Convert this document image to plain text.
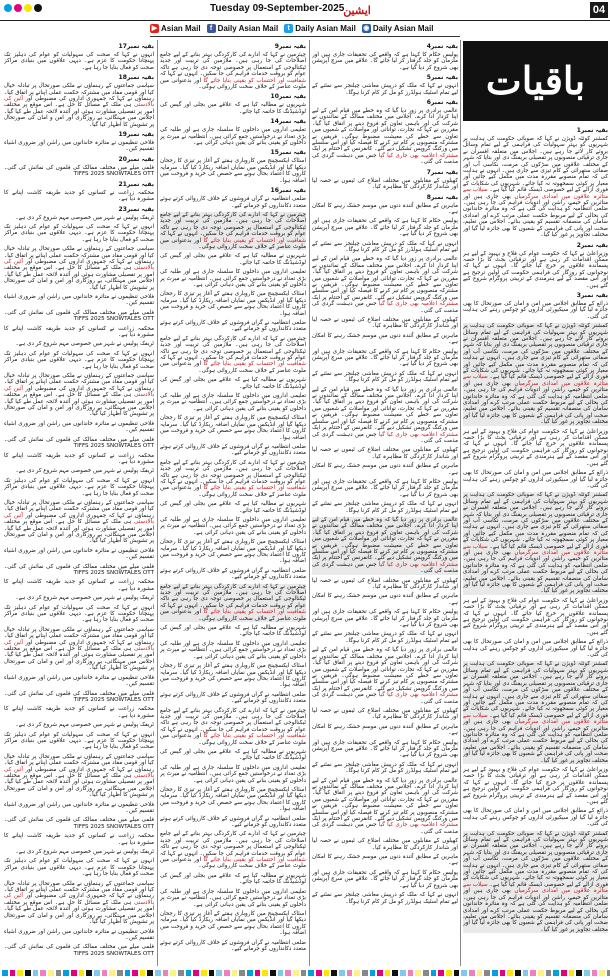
Tuesday 09-September-2025
ایشین	04
◉ Daily Asian Mail
t Daily Asian Mail
f Daily Asian Mail
▶ Asian Mail
باقیات
بقیہ نمبر1

کمشنر کوئٹہ ڈویژن نے کہا کہ صوبائی حکومت کی ہدایت پر شہریوں کو بہتر سہولیات کی فراہمی کے لیے تمام وسائل بروئے کار لائے جا رہے ہیں۔ اجلاس میں متعلقہ افسران نے جاری ترقیاتی منصوبوں پر تفصیلی بریفنگ دی اور بتایا کہ شہر کے مختلف علاقوں میں سڑکوں کی مرمت، نکاسی آب اور صفائی ستھرائی کے کام تیزی سے جاری ہیں۔ انہوں نے ہدایت کی کہ تمام منصوبے مقررہ مدت میں مکمل کیے جائیں اور معیار پر کوئی سمجھوتہ نہ کیا جائے۔ شہریوں کی شکایات کے فوری ازالے کے لیے خصوصی ڈیسک قائم کیا گیا ہے۔ سیلاب سے متاثرہ علاقوں میں امدادی سرگرمیاں بھی جاری ہیں اور متاثرین کو خیمے، راشن اور ادویات فراہم کی جا رہی ہیں۔ ضلعی انتظامیہ کو ہدایت کی گئی ہے کہ وہ متاثرہ خاندانوں کی بحالی کے لیے مربوط حکمت عملی مرتب کرے اور امدادی سامان کی منصفانہ تقسیم کو یقینی بنائے۔ اجلاس میں تعلیم، صحت اور پانی کی فراہمی کے شعبوں کا بھی جائزہ لیا گیا اور مختلف تجاویز پر غور کیا گیا۔

بقیہ نمبر2

وزیراعلیٰ نے کہا کہ حکومت عوام کی فلاح و بہبود کے لیے ہر ممکن اقدامات کر رہی ہے اور ترقیاتی بجٹ کا بڑا حصہ پسماندہ علاقوں پر خرچ کیا جائے گا۔ انہوں نے کہا کہ نوجوانوں کو روزگار کی فراہمی حکومت کی اولین ترجیح ہے اور اس مقصد کے لیے ہنرمندی کے تربیتی پروگرام شروع کیے گئے ہیں۔

بقیہ نمبر3

ذرائع کے مطابق اجلاس میں امن و امان کی صورتحال کا بھی جائزہ لیا گیا اور سیکیورٹی اداروں کو چوکس رہنے کی ہدایت کی گئی۔

کمشنر کوئٹہ ڈویژن نے کہا کہ صوبائی حکومت کی ہدایت پر شہریوں کو بہتر سہولیات کی فراہمی کے لیے تمام وسائل بروئے کار لائے جا رہے ہیں۔ اجلاس میں متعلقہ افسران نے جاری ترقیاتی منصوبوں پر تفصیلی بریفنگ دی اور بتایا کہ شہر کے مختلف علاقوں میں سڑکوں کی مرمت، نکاسی آب اور صفائی ستھرائی کے کام تیزی سے جاری ہیں۔ انہوں نے ہدایت کی کہ تمام منصوبے مقررہ مدت میں مکمل کیے جائیں اور معیار پر کوئی سمجھوتہ نہ کیا جائے۔ شہریوں کی شکایات کے فوری ازالے کے لیے خصوصی ڈیسک قائم کیا گیا ہے۔ سیلاب سے متاثرہ علاقوں میں امدادی سرگرمیاں بھی جاری ہیں اور متاثرین کو خیمے، راشن اور ادویات فراہم کی جا رہی ہیں۔ ضلعی انتظامیہ کو ہدایت کی گئی ہے کہ وہ متاثرہ خاندانوں کی بحالی کے لیے مربوط حکمت عملی مرتب کرے اور امدادی سامان کی منصفانہ تقسیم کو یقینی بنائے۔ اجلاس میں تعلیم، صحت اور پانی کی فراہمی کے شعبوں کا بھی جائزہ لیا گیا اور مختلف تجاویز پر غور کیا گیا۔

وزیراعلیٰ نے کہا کہ حکومت عوام کی فلاح و بہبود کے لیے ہر ممکن اقدامات کر رہی ہے اور ترقیاتی بجٹ کا بڑا حصہ پسماندہ علاقوں پر خرچ کیا جائے گا۔ انہوں نے کہا کہ نوجوانوں کو روزگار کی فراہمی حکومت کی اولین ترجیح ہے اور اس مقصد کے لیے ہنرمندی کے تربیتی پروگرام شروع کیے گئے ہیں۔

ذرائع کے مطابق اجلاس میں امن و امان کی صورتحال کا بھی جائزہ لیا گیا اور سیکیورٹی اداروں کو چوکس رہنے کی ہدایت کی گئی۔

کمشنر کوئٹہ ڈویژن نے کہا کہ صوبائی حکومت کی ہدایت پر شہریوں کو بہتر سہولیات کی فراہمی کے لیے تمام وسائل بروئے کار لائے جا رہے ہیں۔ اجلاس میں متعلقہ افسران نے جاری ترقیاتی منصوبوں پر تفصیلی بریفنگ دی اور بتایا کہ شہر کے مختلف علاقوں میں سڑکوں کی مرمت، نکاسی آب اور صفائی ستھرائی کے کام تیزی سے جاری ہیں۔ انہوں نے ہدایت کی کہ تمام منصوبے مقررہ مدت میں مکمل کیے جائیں اور معیار پر کوئی سمجھوتہ نہ کیا جائے۔ شہریوں کی شکایات کے فوری ازالے کے لیے خصوصی ڈیسک قائم کیا گیا ہے۔ سیلاب سے متاثرہ علاقوں میں امدادی سرگرمیاں بھی جاری ہیں اور متاثرین کو خیمے، راشن اور ادویات فراہم کی جا رہی ہیں۔ ضلعی انتظامیہ کو ہدایت کی گئی ہے کہ وہ متاثرہ خاندانوں کی بحالی کے لیے مربوط حکمت عملی مرتب کرے اور امدادی سامان کی منصفانہ تقسیم کو یقینی بنائے۔ اجلاس میں تعلیم، صحت اور پانی کی فراہمی کے شعبوں کا بھی جائزہ لیا گیا اور مختلف تجاویز پر غور کیا گیا۔

وزیراعلیٰ نے کہا کہ حکومت عوام کی فلاح و بہبود کے لیے ہر ممکن اقدامات کر رہی ہے اور ترقیاتی بجٹ کا بڑا حصہ پسماندہ علاقوں پر خرچ کیا جائے گا۔ انہوں نے کہا کہ نوجوانوں کو روزگار کی فراہمی حکومت کی اولین ترجیح ہے اور اس مقصد کے لیے ہنرمندی کے تربیتی پروگرام شروع کیے گئے ہیں۔

ذرائع کے مطابق اجلاس میں امن و امان کی صورتحال کا بھی جائزہ لیا گیا اور سیکیورٹی اداروں کو چوکس رہنے کی ہدایت کی گئی۔

کمشنر کوئٹہ ڈویژن نے کہا کہ صوبائی حکومت کی ہدایت پر شہریوں کو بہتر سہولیات کی فراہمی کے لیے تمام وسائل بروئے کار لائے جا رہے ہیں۔ اجلاس میں متعلقہ افسران نے جاری ترقیاتی منصوبوں پر تفصیلی بریفنگ دی اور بتایا کہ شہر کے مختلف علاقوں میں سڑکوں کی مرمت، نکاسی آب اور صفائی ستھرائی کے کام تیزی سے جاری ہیں۔ انہوں نے ہدایت کی کہ تمام منصوبے مقررہ مدت میں مکمل کیے جائیں اور معیار پر کوئی سمجھوتہ نہ کیا جائے۔ شہریوں کی شکایات کے فوری ازالے کے لیے خصوصی ڈیسک قائم کیا گیا ہے۔ سیلاب سے متاثرہ علاقوں میں امدادی سرگرمیاں بھی جاری ہیں اور متاثرین کو خیمے، راشن اور ادویات فراہم کی جا رہی ہیں۔ ضلعی انتظامیہ کو ہدایت کی گئی ہے کہ وہ متاثرہ خاندانوں کی بحالی کے لیے مربوط حکمت عملی مرتب کرے اور امدادی سامان کی منصفانہ تقسیم کو یقینی بنائے۔ اجلاس میں تعلیم، صحت اور پانی کی فراہمی کے شعبوں کا بھی جائزہ لیا گیا اور مختلف تجاویز پر غور کیا گیا۔

وزیراعلیٰ نے کہا کہ حکومت عوام کی فلاح و بہبود کے لیے ہر ممکن اقدامات کر رہی ہے اور ترقیاتی بجٹ کا بڑا حصہ پسماندہ علاقوں پر خرچ کیا جائے گا۔ انہوں نے کہا کہ نوجوانوں کو روزگار کی فراہمی حکومت کی اولین ترجیح ہے اور اس مقصد کے لیے ہنرمندی کے تربیتی پروگرام شروع کیے گئے ہیں۔

ذرائع کے مطابق اجلاس میں امن و امان کی صورتحال کا بھی جائزہ لیا گیا اور سیکیورٹی اداروں کو چوکس رہنے کی ہدایت کی گئی۔

کمشنر کوئٹہ ڈویژن نے کہا کہ صوبائی حکومت کی ہدایت پر شہریوں کو بہتر سہولیات کی فراہمی کے لیے تمام وسائل بروئے کار لائے جا رہے ہیں۔ اجلاس میں متعلقہ افسران نے جاری ترقیاتی منصوبوں پر تفصیلی بریفنگ دی اور بتایا کہ شہر کے مختلف علاقوں میں سڑکوں کی مرمت، نکاسی آب اور صفائی ستھرائی کے کام تیزی سے جاری ہیں۔ انہوں نے ہدایت کی کہ تمام منصوبے مقررہ مدت میں مکمل کیے جائیں اور معیار پر کوئی سمجھوتہ نہ کیا جائے۔ شہریوں کی شکایات کے فوری ازالے کے لیے خصوصی ڈیسک قائم کیا گیا ہے۔ سیلاب سے متاثرہ علاقوں میں امدادی سرگرمیاں بھی جاری ہیں اور متاثرین کو خیمے، راشن اور ادویات فراہم کی جا رہی ہیں۔ ضلعی انتظامیہ کو ہدایت کی گئی ہے کہ وہ متاثرہ خاندانوں کی بحالی کے لیے مربوط حکمت عملی مرتب کرے اور امدادی سامان کی منصفانہ تقسیم کو یقینی بنائے۔ اجلاس میں تعلیم، صحت اور پانی کی فراہمی کے شعبوں کا بھی جائزہ لیا گیا اور مختلف تجاویز پر غور کیا گیا۔

بقیہ نمبر4

پولیس حکام کا کہنا ہے کہ واقعے کی تحقیقات جاری ہیں اور ملزمان کو جلد گرفتار کر لیا جائے گا۔ علاقے میں سرچ آپریشن بھی شروع کر دیا گیا ہے۔

بقیہ نمبر5

انہوں نے کہا کہ ملک کو درپیش معاشی چیلنجز سے نمٹنے کے لیے تمام اسٹیک ہولڈرز کو مل کر کام کرنا ہوگا۔

بقیہ نمبر6

عالمی برادری پر زور دیا گیا کہ وہ خطے میں قیام امن کے لیے اپنا کردار ادا کرے۔ اجلاس میں مختلف ممالک کے نمائندوں نے شرکت کی اور باہمی تعاون کو فروغ دینے پر اتفاق کیا گیا۔ مقررین نے کہا کہ تجارت، توانائی اور مواصلات کے شعبوں میں تعاون سے خطے کی معیشت مضبوط ہوگی۔ فریقین نے مشترکہ منصوبوں پر کام تیز کرنے کا فیصلہ کیا اور اس سلسلے میں ورکنگ گروپس تشکیل دیے گئے۔ کانفرنس کے اختتام پر ایک مشترکہ اعلامیہ بھی جاری کیا گیا جس میں دہشت گردی کی مذمت کی گئی۔

بقیہ نمبر7

کھیلوں کے مقابلوں میں مختلف اضلاع کی ٹیموں نے حصہ لیا اور شاندار کارکردگی کا مظاہرہ کیا۔

بقیہ نمبر8

ماہرین کے مطابق آئندہ دنوں میں موسم خشک رہنے کا امکان ہے۔

پولیس حکام کا کہنا ہے کہ واقعے کی تحقیقات جاری ہیں اور ملزمان کو جلد گرفتار کر لیا جائے گا۔ علاقے میں سرچ آپریشن بھی شروع کر دیا گیا ہے۔

انہوں نے کہا کہ ملک کو درپیش معاشی چیلنجز سے نمٹنے کے لیے تمام اسٹیک ہولڈرز کو مل کر کام کرنا ہوگا۔

عالمی برادری پر زور دیا گیا کہ وہ خطے میں قیام امن کے لیے اپنا کردار ادا کرے۔ اجلاس میں مختلف ممالک کے نمائندوں نے شرکت کی اور باہمی تعاون کو فروغ دینے پر اتفاق کیا گیا۔ مقررین نے کہا کہ تجارت، توانائی اور مواصلات کے شعبوں میں تعاون سے خطے کی معیشت مضبوط ہوگی۔ فریقین نے مشترکہ منصوبوں پر کام تیز کرنے کا فیصلہ کیا اور اس سلسلے میں ورکنگ گروپس تشکیل دیے گئے۔ کانفرنس کے اختتام پر ایک مشترکہ اعلامیہ بھی جاری کیا گیا جس میں دہشت گردی کی مذمت کی گئی۔

کھیلوں کے مقابلوں میں مختلف اضلاع کی ٹیموں نے حصہ لیا اور شاندار کارکردگی کا مظاہرہ کیا۔

ماہرین کے مطابق آئندہ دنوں میں موسم خشک رہنے کا امکان ہے۔

پولیس حکام کا کہنا ہے کہ واقعے کی تحقیقات جاری ہیں اور ملزمان کو جلد گرفتار کر لیا جائے گا۔ علاقے میں سرچ آپریشن بھی شروع کر دیا گیا ہے۔

انہوں نے کہا کہ ملک کو درپیش معاشی چیلنجز سے نمٹنے کے لیے تمام اسٹیک ہولڈرز کو مل کر کام کرنا ہوگا۔

عالمی برادری پر زور دیا گیا کہ وہ خطے میں قیام امن کے لیے اپنا کردار ادا کرے۔ اجلاس میں مختلف ممالک کے نمائندوں نے شرکت کی اور باہمی تعاون کو فروغ دینے پر اتفاق کیا گیا۔ مقررین نے کہا کہ تجارت، توانائی اور مواصلات کے شعبوں میں تعاون سے خطے کی معیشت مضبوط ہوگی۔ فریقین نے مشترکہ منصوبوں پر کام تیز کرنے کا فیصلہ کیا اور اس سلسلے میں ورکنگ گروپس تشکیل دیے گئے۔ کانفرنس کے اختتام پر ایک مشترکہ اعلامیہ بھی جاری کیا گیا جس میں دہشت گردی کی مذمت کی گئی۔

کھیلوں کے مقابلوں میں مختلف اضلاع کی ٹیموں نے حصہ لیا اور شاندار کارکردگی کا مظاہرہ کیا۔

ماہرین کے مطابق آئندہ دنوں میں موسم خشک رہنے کا امکان ہے۔

پولیس حکام کا کہنا ہے کہ واقعے کی تحقیقات جاری ہیں اور ملزمان کو جلد گرفتار کر لیا جائے گا۔ علاقے میں سرچ آپریشن بھی شروع کر دیا گیا ہے۔

انہوں نے کہا کہ ملک کو درپیش معاشی چیلنجز سے نمٹنے کے لیے تمام اسٹیک ہولڈرز کو مل کر کام کرنا ہوگا۔

عالمی برادری پر زور دیا گیا کہ وہ خطے میں قیام امن کے لیے اپنا کردار ادا کرے۔ اجلاس میں مختلف ممالک کے نمائندوں نے شرکت کی اور باہمی تعاون کو فروغ دینے پر اتفاق کیا گیا۔ مقررین نے کہا کہ تجارت، توانائی اور مواصلات کے شعبوں میں تعاون سے خطے کی معیشت مضبوط ہوگی۔ فریقین نے مشترکہ منصوبوں پر کام تیز کرنے کا فیصلہ کیا اور اس سلسلے میں ورکنگ گروپس تشکیل دیے گئے۔ کانفرنس کے اختتام پر ایک مشترکہ اعلامیہ بھی جاری کیا گیا جس میں دہشت گردی کی مذمت کی گئی۔

کھیلوں کے مقابلوں میں مختلف اضلاع کی ٹیموں نے حصہ لیا اور شاندار کارکردگی کا مظاہرہ کیا۔

ماہرین کے مطابق آئندہ دنوں میں موسم خشک رہنے کا امکان ہے۔

پولیس حکام کا کہنا ہے کہ واقعے کی تحقیقات جاری ہیں اور ملزمان کو جلد گرفتار کر لیا جائے گا۔ علاقے میں سرچ آپریشن بھی شروع کر دیا گیا ہے۔

انہوں نے کہا کہ ملک کو درپیش معاشی چیلنجز سے نمٹنے کے لیے تمام اسٹیک ہولڈرز کو مل کر کام کرنا ہوگا۔

عالمی برادری پر زور دیا گیا کہ وہ خطے میں قیام امن کے لیے اپنا کردار ادا کرے۔ اجلاس میں مختلف ممالک کے نمائندوں نے شرکت کی اور باہمی تعاون کو فروغ دینے پر اتفاق کیا گیا۔ مقررین نے کہا کہ تجارت، توانائی اور مواصلات کے شعبوں میں تعاون سے خطے کی معیشت مضبوط ہوگی۔ فریقین نے مشترکہ منصوبوں پر کام تیز کرنے کا فیصلہ کیا اور اس سلسلے میں ورکنگ گروپس تشکیل دیے گئے۔ کانفرنس کے اختتام پر ایک مشترکہ اعلامیہ بھی جاری کیا گیا جس میں دہشت گردی کی مذمت کی گئی۔

کھیلوں کے مقابلوں میں مختلف اضلاع کی ٹیموں نے حصہ لیا اور شاندار کارکردگی کا مظاہرہ کیا۔

ماہرین کے مطابق آئندہ دنوں میں موسم خشک رہنے کا امکان ہے۔

پولیس حکام کا کہنا ہے کہ واقعے کی تحقیقات جاری ہیں اور ملزمان کو جلد گرفتار کر لیا جائے گا۔ علاقے میں سرچ آپریشن بھی شروع کر دیا گیا ہے۔

انہوں نے کہا کہ ملک کو درپیش معاشی چیلنجز سے نمٹنے کے لیے تمام اسٹیک ہولڈرز کو مل کر کام کرنا ہوگا۔

عالمی برادری پر زور دیا گیا کہ وہ خطے میں قیام امن کے لیے اپنا کردار ادا کرے۔ اجلاس میں مختلف ممالک کے نمائندوں نے شرکت کی اور باہمی تعاون کو فروغ دینے پر اتفاق کیا گیا۔ مقررین نے کہا کہ تجارت، توانائی اور مواصلات کے شعبوں میں تعاون سے خطے کی معیشت مضبوط ہوگی۔ فریقین نے مشترکہ منصوبوں پر کام تیز کرنے کا فیصلہ کیا اور اس سلسلے میں ورکنگ گروپس تشکیل دیے گئے۔ کانفرنس کے اختتام پر ایک مشترکہ اعلامیہ بھی جاری کیا گیا جس میں دہشت گردی کی مذمت کی گئی۔

کھیلوں کے مقابلوں میں مختلف اضلاع کی ٹیموں نے حصہ لیا اور شاندار کارکردگی کا مظاہرہ کیا۔

ماہرین کے مطابق آئندہ دنوں میں موسم خشک رہنے کا امکان ہے۔

پولیس حکام کا کہنا ہے کہ واقعے کی تحقیقات جاری ہیں اور ملزمان کو جلد گرفتار کر لیا جائے گا۔ علاقے میں سرچ آپریشن بھی شروع کر دیا گیا ہے۔

انہوں نے کہا کہ ملک کو درپیش معاشی چیلنجز سے نمٹنے کے لیے تمام اسٹیک ہولڈرز کو مل کر کام کرنا ہوگا۔

بقیہ نمبر9

چیئرمین نے کہا کہ ادارے کی کارکردگی بہتر بنانے کے لیے جامع اصلاحات کی جا رہی ہیں۔ ملازمین کی تربیت اور جدید ٹیکنالوجی کے استعمال پر خصوصی توجہ دی جا رہی ہے تاکہ عوام کو بروقت خدمات فراہم کی جا سکیں۔ انہوں نے کہا کہ شفافیت اور احتساب کو یقینی بنایا جائے گا اور بدعنوانی میں ملوث عناصر کے خلاف سخت کارروائی ہوگی۔

بقیہ نمبر10

شہریوں نے مطالبہ کیا ہے کہ علاقے میں بجلی اور گیس کی لوڈشیڈنگ کا خاتمہ کیا جائے۔

بقیہ نمبر14

تعلیمی اداروں میں داخلوں کا سلسلہ جاری ہے اور طلبہ کی بڑی تعداد نے درخواستیں جمع کرائی ہیں۔ انتظامیہ نے میرٹ پر داخلوں کو یقینی بنانے کی یقین دہانی کرائی ہے۔

بقیہ نمبر15

اسٹاک ایکسچینج میں کاروباری ہفتے کے آغاز پر تیزی کا رجحان دیکھا گیا اور انڈیکس میں نمایاں اضافہ ریکارڈ کیا گیا۔ سرمایہ کاروں کا اعتماد بحال ہونے سے حصص کی خرید و فروخت میں اضافہ ہوا۔

بقیہ نمبر16

ضلعی انتظامیہ نے گراں فروشوں کے خلاف کارروائی کرتے ہوئے متعدد دکانداروں کو جرمانے کیے۔

چیئرمین نے کہا کہ ادارے کی کارکردگی بہتر بنانے کے لیے جامع اصلاحات کی جا رہی ہیں۔ ملازمین کی تربیت اور جدید ٹیکنالوجی کے استعمال پر خصوصی توجہ دی جا رہی ہے تاکہ عوام کو بروقت خدمات فراہم کی جا سکیں۔ انہوں نے کہا کہ شفافیت اور احتساب کو یقینی بنایا جائے گا اور بدعنوانی میں ملوث عناصر کے خلاف سخت کارروائی ہوگی۔

شہریوں نے مطالبہ کیا ہے کہ علاقے میں بجلی اور گیس کی لوڈشیڈنگ کا خاتمہ کیا جائے۔

تعلیمی اداروں میں داخلوں کا سلسلہ جاری ہے اور طلبہ کی بڑی تعداد نے درخواستیں جمع کرائی ہیں۔ انتظامیہ نے میرٹ پر داخلوں کو یقینی بنانے کی یقین دہانی کرائی ہے۔

اسٹاک ایکسچینج میں کاروباری ہفتے کے آغاز پر تیزی کا رجحان دیکھا گیا اور انڈیکس میں نمایاں اضافہ ریکارڈ کیا گیا۔ سرمایہ کاروں کا اعتماد بحال ہونے سے حصص کی خرید و فروخت میں اضافہ ہوا۔

ضلعی انتظامیہ نے گراں فروشوں کے خلاف کارروائی کرتے ہوئے متعدد دکانداروں کو جرمانے کیے۔

چیئرمین نے کہا کہ ادارے کی کارکردگی بہتر بنانے کے لیے جامع اصلاحات کی جا رہی ہیں۔ ملازمین کی تربیت اور جدید ٹیکنالوجی کے استعمال پر خصوصی توجہ دی جا رہی ہے تاکہ عوام کو بروقت خدمات فراہم کی جا سکیں۔ انہوں نے کہا کہ شفافیت اور احتساب کو یقینی بنایا جائے گا اور بدعنوانی میں ملوث عناصر کے خلاف سخت کارروائی ہوگی۔

شہریوں نے مطالبہ کیا ہے کہ علاقے میں بجلی اور گیس کی لوڈشیڈنگ کا خاتمہ کیا جائے۔

تعلیمی اداروں میں داخلوں کا سلسلہ جاری ہے اور طلبہ کی بڑی تعداد نے درخواستیں جمع کرائی ہیں۔ انتظامیہ نے میرٹ پر داخلوں کو یقینی بنانے کی یقین دہانی کرائی ہے۔

اسٹاک ایکسچینج میں کاروباری ہفتے کے آغاز پر تیزی کا رجحان دیکھا گیا اور انڈیکس میں نمایاں اضافہ ریکارڈ کیا گیا۔ سرمایہ کاروں کا اعتماد بحال ہونے سے حصص کی خرید و فروخت میں اضافہ ہوا۔

ضلعی انتظامیہ نے گراں فروشوں کے خلاف کارروائی کرتے ہوئے متعدد دکانداروں کو جرمانے کیے۔

چیئرمین نے کہا کہ ادارے کی کارکردگی بہتر بنانے کے لیے جامع اصلاحات کی جا رہی ہیں۔ ملازمین کی تربیت اور جدید ٹیکنالوجی کے استعمال پر خصوصی توجہ دی جا رہی ہے تاکہ عوام کو بروقت خدمات فراہم کی جا سکیں۔ انہوں نے کہا کہ شفافیت اور احتساب کو یقینی بنایا جائے گا اور بدعنوانی میں ملوث عناصر کے خلاف سخت کارروائی ہوگی۔

شہریوں نے مطالبہ کیا ہے کہ علاقے میں بجلی اور گیس کی لوڈشیڈنگ کا خاتمہ کیا جائے۔

تعلیمی اداروں میں داخلوں کا سلسلہ جاری ہے اور طلبہ کی بڑی تعداد نے درخواستیں جمع کرائی ہیں۔ انتظامیہ نے میرٹ پر داخلوں کو یقینی بنانے کی یقین دہانی کرائی ہے۔

اسٹاک ایکسچینج میں کاروباری ہفتے کے آغاز پر تیزی کا رجحان دیکھا گیا اور انڈیکس میں نمایاں اضافہ ریکارڈ کیا گیا۔ سرمایہ کاروں کا اعتماد بحال ہونے سے حصص کی خرید و فروخت میں اضافہ ہوا۔

ضلعی انتظامیہ نے گراں فروشوں کے خلاف کارروائی کرتے ہوئے متعدد دکانداروں کو جرمانے کیے۔

چیئرمین نے کہا کہ ادارے کی کارکردگی بہتر بنانے کے لیے جامع اصلاحات کی جا رہی ہیں۔ ملازمین کی تربیت اور جدید ٹیکنالوجی کے استعمال پر خصوصی توجہ دی جا رہی ہے تاکہ عوام کو بروقت خدمات فراہم کی جا سکیں۔ انہوں نے کہا کہ شفافیت اور احتساب کو یقینی بنایا جائے گا اور بدعنوانی میں ملوث عناصر کے خلاف سخت کارروائی ہوگی۔

شہریوں نے مطالبہ کیا ہے کہ علاقے میں بجلی اور گیس کی لوڈشیڈنگ کا خاتمہ کیا جائے۔

تعلیمی اداروں میں داخلوں کا سلسلہ جاری ہے اور طلبہ کی بڑی تعداد نے درخواستیں جمع کرائی ہیں۔ انتظامیہ نے میرٹ پر داخلوں کو یقینی بنانے کی یقین دہانی کرائی ہے۔

اسٹاک ایکسچینج میں کاروباری ہفتے کے آغاز پر تیزی کا رجحان دیکھا گیا اور انڈیکس میں نمایاں اضافہ ریکارڈ کیا گیا۔ سرمایہ کاروں کا اعتماد بحال ہونے سے حصص کی خرید و فروخت میں اضافہ ہوا۔

ضلعی انتظامیہ نے گراں فروشوں کے خلاف کارروائی کرتے ہوئے متعدد دکانداروں کو جرمانے کیے۔

چیئرمین نے کہا کہ ادارے کی کارکردگی بہتر بنانے کے لیے جامع اصلاحات کی جا رہی ہیں۔ ملازمین کی تربیت اور جدید ٹیکنالوجی کے استعمال پر خصوصی توجہ دی جا رہی ہے تاکہ عوام کو بروقت خدمات فراہم کی جا سکیں۔ انہوں نے کہا کہ شفافیت اور احتساب کو یقینی بنایا جائے گا اور بدعنوانی میں ملوث عناصر کے خلاف سخت کارروائی ہوگی۔

شہریوں نے مطالبہ کیا ہے کہ علاقے میں بجلی اور گیس کی لوڈشیڈنگ کا خاتمہ کیا جائے۔

تعلیمی اداروں میں داخلوں کا سلسلہ جاری ہے اور طلبہ کی بڑی تعداد نے درخواستیں جمع کرائی ہیں۔ انتظامیہ نے میرٹ پر داخلوں کو یقینی بنانے کی یقین دہانی کرائی ہے۔

اسٹاک ایکسچینج میں کاروباری ہفتے کے آغاز پر تیزی کا رجحان دیکھا گیا اور انڈیکس میں نمایاں اضافہ ریکارڈ کیا گیا۔ سرمایہ کاروں کا اعتماد بحال ہونے سے حصص کی خرید و فروخت میں اضافہ ہوا۔

ضلعی انتظامیہ نے گراں فروشوں کے خلاف کارروائی کرتے ہوئے متعدد دکانداروں کو جرمانے کیے۔

چیئرمین نے کہا کہ ادارے کی کارکردگی بہتر بنانے کے لیے جامع اصلاحات کی جا رہی ہیں۔ ملازمین کی تربیت اور جدید ٹیکنالوجی کے استعمال پر خصوصی توجہ دی جا رہی ہے تاکہ عوام کو بروقت خدمات فراہم کی جا سکیں۔ انہوں نے کہا کہ شفافیت اور احتساب کو یقینی بنایا جائے گا اور بدعنوانی میں ملوث عناصر کے خلاف سخت کارروائی ہوگی۔

شہریوں نے مطالبہ کیا ہے کہ علاقے میں بجلی اور گیس کی لوڈشیڈنگ کا خاتمہ کیا جائے۔

تعلیمی اداروں میں داخلوں کا سلسلہ جاری ہے اور طلبہ کی بڑی تعداد نے درخواستیں جمع کرائی ہیں۔ انتظامیہ نے میرٹ پر داخلوں کو یقینی بنانے کی یقین دہانی کرائی ہے۔

اسٹاک ایکسچینج میں کاروباری ہفتے کے آغاز پر تیزی کا رجحان دیکھا گیا اور انڈیکس میں نمایاں اضافہ ریکارڈ کیا گیا۔ سرمایہ کاروں کا اعتماد بحال ہونے سے حصص کی خرید و فروخت میں اضافہ ہوا۔

ضلعی انتظامیہ نے گراں فروشوں کے خلاف کارروائی کرتے ہوئے متعدد دکانداروں کو جرمانے کیے۔

بقیہ نمبر17

انہوں نے کہا کہ صحت کی سہولیات کو عوام کی دہلیز تک پہنچانا حکومت کا عزم ہے۔ دیہی علاقوں میں بنیادی مراکز صحت کو فعال بنایا جا رہا ہے۔

بقیہ نمبر18

سیاسی جماعتوں کے رہنماؤں نے ملکی صورتحال پر تبادلہ خیال کیا اور قومی مفاد میں مشترکہ حکمت عملی اپنانے پر اتفاق کیا۔ رہنماؤں نے کہا کہ جمہوری اداروں کی مضبوطی اور آئین کی بالادستی ہی ملک کے مسائل کا حل ہے۔ اس موقع پر مختلف امور پر تفصیلی مشاورت ہوئی اور آئندہ لائحہ عمل طے کیا گیا۔ اجلاس میں مہنگائی، بے روزگاری اور امن و امان کی صورتحال پر تشویش کا اظہار کیا گیا۔

بقیہ نمبر19

فلاحی تنظیموں نے متاثرہ خاندانوں میں راشن اور ضروری اشیاء تقسیم کیں۔

بقیہ نمبر20

فلمی میلے میں مختلف ممالک کی فلموں کی نمائش کی گئی۔ TIFFS 2025 SNOWTALES OTT

بقیہ نمبر21

محکمہ زراعت نے کسانوں کو جدید طریقہ کاشت اپنانے کا مشورہ دیا ہے۔

بقیہ نمبر23

ٹریفک پولیس نے شہر میں خصوصی مہم شروع کر دی ہے۔

انہوں نے کہا کہ صحت کی سہولیات کو عوام کی دہلیز تک پہنچانا حکومت کا عزم ہے۔ دیہی علاقوں میں بنیادی مراکز صحت کو فعال بنایا جا رہا ہے۔

سیاسی جماعتوں کے رہنماؤں نے ملکی صورتحال پر تبادلہ خیال کیا اور قومی مفاد میں مشترکہ حکمت عملی اپنانے پر اتفاق کیا۔ رہنماؤں نے کہا کہ جمہوری اداروں کی مضبوطی اور آئین کی بالادستی ہی ملک کے مسائل کا حل ہے۔ اس موقع پر مختلف امور پر تفصیلی مشاورت ہوئی اور آئندہ لائحہ عمل طے کیا گیا۔ اجلاس میں مہنگائی، بے روزگاری اور امن و امان کی صورتحال پر تشویش کا اظہار کیا گیا۔

فلاحی تنظیموں نے متاثرہ خاندانوں میں راشن اور ضروری اشیاء تقسیم کیں۔

فلمی میلے میں مختلف ممالک کی فلموں کی نمائش کی گئی۔ TIFFS 2025 SNOWTALES OTT

محکمہ زراعت نے کسانوں کو جدید طریقہ کاشت اپنانے کا مشورہ دیا ہے۔

ٹریفک پولیس نے شہر میں خصوصی مہم شروع کر دی ہے۔

انہوں نے کہا کہ صحت کی سہولیات کو عوام کی دہلیز تک پہنچانا حکومت کا عزم ہے۔ دیہی علاقوں میں بنیادی مراکز صحت کو فعال بنایا جا رہا ہے۔

سیاسی جماعتوں کے رہنماؤں نے ملکی صورتحال پر تبادلہ خیال کیا اور قومی مفاد میں مشترکہ حکمت عملی اپنانے پر اتفاق کیا۔ رہنماؤں نے کہا کہ جمہوری اداروں کی مضبوطی اور آئین کی بالادستی ہی ملک کے مسائل کا حل ہے۔ اس موقع پر مختلف امور پر تفصیلی مشاورت ہوئی اور آئندہ لائحہ عمل طے کیا گیا۔ اجلاس میں مہنگائی، بے روزگاری اور امن و امان کی صورتحال پر تشویش کا اظہار کیا گیا۔

فلاحی تنظیموں نے متاثرہ خاندانوں میں راشن اور ضروری اشیاء تقسیم کیں۔

فلمی میلے میں مختلف ممالک کی فلموں کی نمائش کی گئی۔ TIFFS 2025 SNOWTALES OTT

محکمہ زراعت نے کسانوں کو جدید طریقہ کاشت اپنانے کا مشورہ دیا ہے۔

ٹریفک پولیس نے شہر میں خصوصی مہم شروع کر دی ہے۔

انہوں نے کہا کہ صحت کی سہولیات کو عوام کی دہلیز تک پہنچانا حکومت کا عزم ہے۔ دیہی علاقوں میں بنیادی مراکز صحت کو فعال بنایا جا رہا ہے۔

سیاسی جماعتوں کے رہنماؤں نے ملکی صورتحال پر تبادلہ خیال کیا اور قومی مفاد میں مشترکہ حکمت عملی اپنانے پر اتفاق کیا۔ رہنماؤں نے کہا کہ جمہوری اداروں کی مضبوطی اور آئین کی بالادستی ہی ملک کے مسائل کا حل ہے۔ اس موقع پر مختلف امور پر تفصیلی مشاورت ہوئی اور آئندہ لائحہ عمل طے کیا گیا۔ اجلاس میں مہنگائی، بے روزگاری اور امن و امان کی صورتحال پر تشویش کا اظہار کیا گیا۔

فلاحی تنظیموں نے متاثرہ خاندانوں میں راشن اور ضروری اشیاء تقسیم کیں۔

فلمی میلے میں مختلف ممالک کی فلموں کی نمائش کی گئی۔ TIFFS 2025 SNOWTALES OTT

محکمہ زراعت نے کسانوں کو جدید طریقہ کاشت اپنانے کا مشورہ دیا ہے۔

ٹریفک پولیس نے شہر میں خصوصی مہم شروع کر دی ہے۔

انہوں نے کہا کہ صحت کی سہولیات کو عوام کی دہلیز تک پہنچانا حکومت کا عزم ہے۔ دیہی علاقوں میں بنیادی مراکز صحت کو فعال بنایا جا رہا ہے۔

سیاسی جماعتوں کے رہنماؤں نے ملکی صورتحال پر تبادلہ خیال کیا اور قومی مفاد میں مشترکہ حکمت عملی اپنانے پر اتفاق کیا۔ رہنماؤں نے کہا کہ جمہوری اداروں کی مضبوطی اور آئین کی بالادستی ہی ملک کے مسائل کا حل ہے۔ اس موقع پر مختلف امور پر تفصیلی مشاورت ہوئی اور آئندہ لائحہ عمل طے کیا گیا۔ اجلاس میں مہنگائی، بے روزگاری اور امن و امان کی صورتحال پر تشویش کا اظہار کیا گیا۔

فلاحی تنظیموں نے متاثرہ خاندانوں میں راشن اور ضروری اشیاء تقسیم کیں۔

فلمی میلے میں مختلف ممالک کی فلموں کی نمائش کی گئی۔ TIFFS 2025 SNOWTALES OTT

محکمہ زراعت نے کسانوں کو جدید طریقہ کاشت اپنانے کا مشورہ دیا ہے۔

ٹریفک پولیس نے شہر میں خصوصی مہم شروع کر دی ہے۔

انہوں نے کہا کہ صحت کی سہولیات کو عوام کی دہلیز تک پہنچانا حکومت کا عزم ہے۔ دیہی علاقوں میں بنیادی مراکز صحت کو فعال بنایا جا رہا ہے۔

سیاسی جماعتوں کے رہنماؤں نے ملکی صورتحال پر تبادلہ خیال کیا اور قومی مفاد میں مشترکہ حکمت عملی اپنانے پر اتفاق کیا۔ رہنماؤں نے کہا کہ جمہوری اداروں کی مضبوطی اور آئین کی بالادستی ہی ملک کے مسائل کا حل ہے۔ اس موقع پر مختلف امور پر تفصیلی مشاورت ہوئی اور آئندہ لائحہ عمل طے کیا گیا۔ اجلاس میں مہنگائی، بے روزگاری اور امن و امان کی صورتحال پر تشویش کا اظہار کیا گیا۔

فلاحی تنظیموں نے متاثرہ خاندانوں میں راشن اور ضروری اشیاء تقسیم کیں۔

فلمی میلے میں مختلف ممالک کی فلموں کی نمائش کی گئی۔ TIFFS 2025 SNOWTALES OTT

محکمہ زراعت نے کسانوں کو جدید طریقہ کاشت اپنانے کا مشورہ دیا ہے۔

ٹریفک پولیس نے شہر میں خصوصی مہم شروع کر دی ہے۔

انہوں نے کہا کہ صحت کی سہولیات کو عوام کی دہلیز تک پہنچانا حکومت کا عزم ہے۔ دیہی علاقوں میں بنیادی مراکز صحت کو فعال بنایا جا رہا ہے۔

سیاسی جماعتوں کے رہنماؤں نے ملکی صورتحال پر تبادلہ خیال کیا اور قومی مفاد میں مشترکہ حکمت عملی اپنانے پر اتفاق کیا۔ رہنماؤں نے کہا کہ جمہوری اداروں کی مضبوطی اور آئین کی بالادستی ہی ملک کے مسائل کا حل ہے۔ اس موقع پر مختلف امور پر تفصیلی مشاورت ہوئی اور آئندہ لائحہ عمل طے کیا گیا۔ اجلاس میں مہنگائی، بے روزگاری اور امن و امان کی صورتحال پر تشویش کا اظہار کیا گیا۔

فلاحی تنظیموں نے متاثرہ خاندانوں میں راشن اور ضروری اشیاء تقسیم کیں۔

فلمی میلے میں مختلف ممالک کی فلموں کی نمائش کی گئی۔ TIFFS 2025 SNOWTALES OTT
